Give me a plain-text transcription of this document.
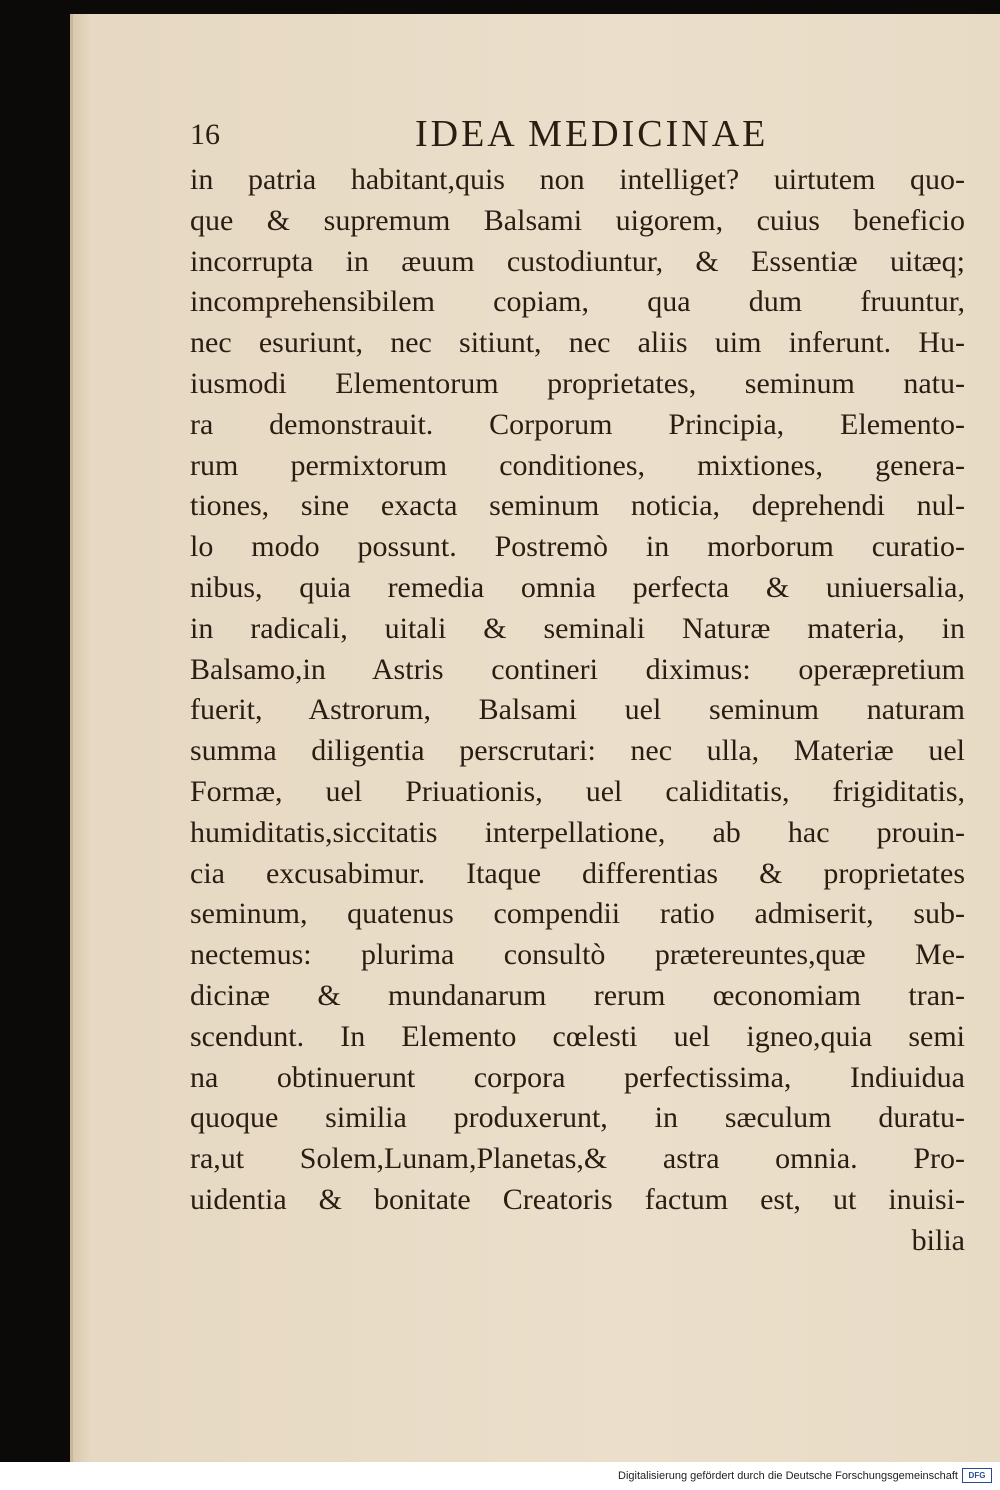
16	IDEA MEDICINAE
in patria habitant,quis non intelliget? uirtutem quo-
que & supremum Balsami uigorem, cuius beneficio
incorrupta in æuum custodiuntur, & Essentiæ uitæq;
incomprehensibilem copiam, qua dum fruuntur,
nec esuriunt, nec sitiunt, nec aliis uim inferunt. Hu-
iusmodi Elementorum proprietates, seminum natu-
ra demonstrauit. Corporum Principia, Elemento-
rum permixtorum conditiones, mixtiones, genera-
tiones, sine exacta seminum noticia, deprehendi nul-
lo modo possunt. Postremò in morborum curatio-
nibus, quia remedia omnia perfecta & uniuersalia,
in radicali, uitali & seminali Naturæ materia, in
Balsamo,in Astris contineri diximus: operæpretium
fuerit, Astrorum, Balsami uel seminum naturam
summa diligentia perscrutari: nec ulla, Materiæ uel
Formæ, uel Priuationis, uel caliditatis, frigiditatis,
humiditatis,siccitatis interpellatione, ab hac prouin-
cia excusabimur. Itaque differentias & proprietates
seminum, quatenus compendii ratio admiserit, sub-
nectemus: plurima consultò prætereuntes,quæ Me-
dicinæ & mundanarum rerum œconomiam tran-
scendunt. In Elemento cœlesti uel igneo,quia semi
na obtinuerunt corpora perfectissima, Indiuidua
quoque similia produxerunt, in sæculum duratu-
ra,ut Solem,Lunam,Planetas,& astra omnia. Pro-
uidentia & bonitate Creatoris factum est, ut inuisi-
bilia
Digitalisierung gefördert durch die Deutsche Forschungsgemeinschaft	DFG
